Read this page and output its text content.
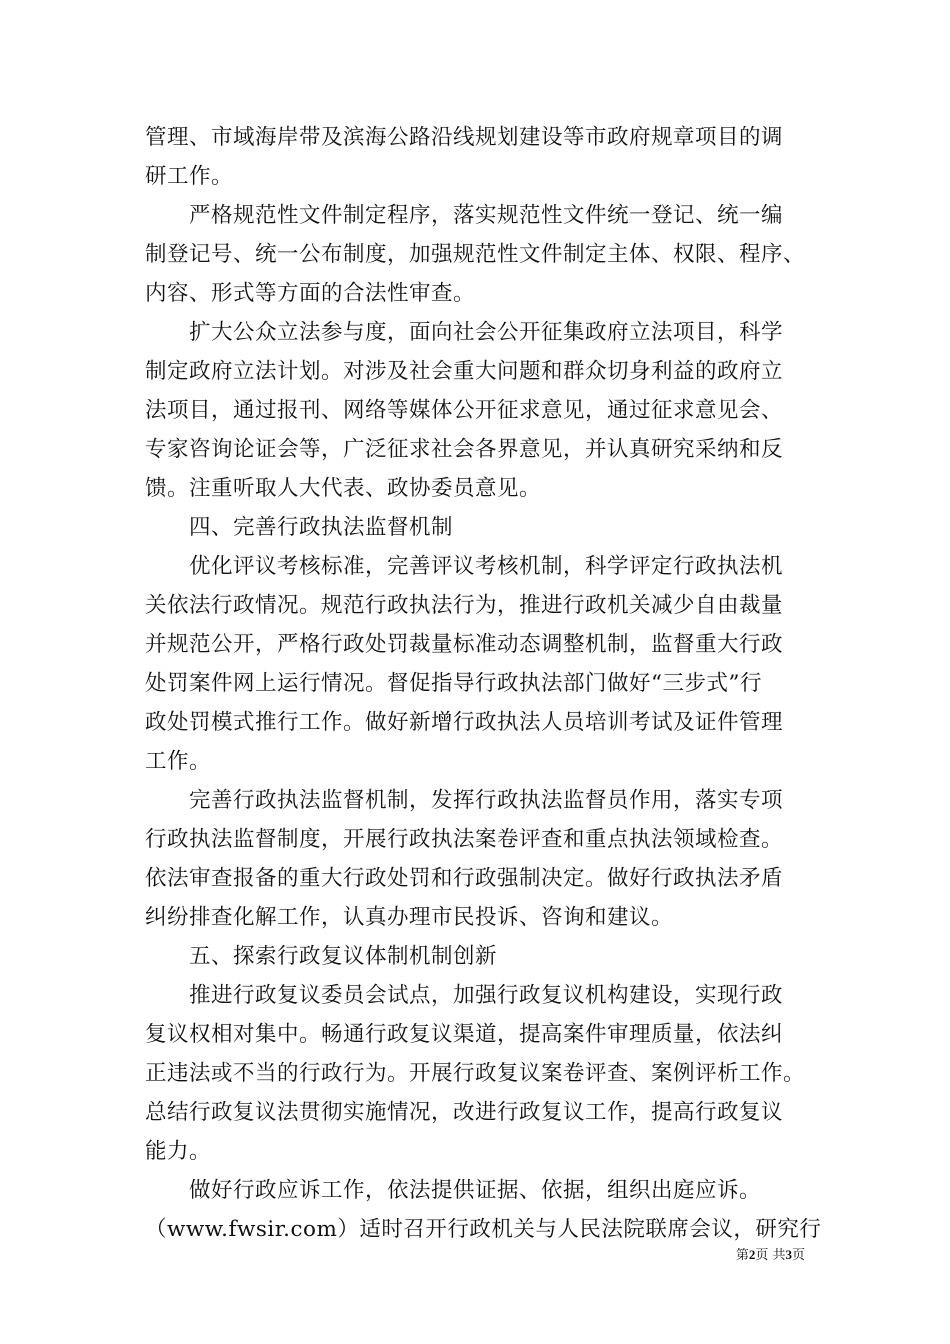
管理、市域海岸带及滨海公路沿线规划建设等市政府规章项目的调
研工作。
严格规范性文件制定程序，落实规范性文件统一登记、统一编
制登记号、统一公布制度，加强规范性文件制定主体、权限、程序、
内容、形式等方面的合法性审查。
扩大公众立法参与度，面向社会公开征集政府立法项目，科学
制定政府立法计划。对涉及社会重大问题和群众切身利益的政府立
法项目，通过报刊、网络等媒体公开征求意见，通过征求意见会、
专家咨询论证会等，广泛征求社会各界意见，并认真研究采纳和反
馈。注重听取人大代表、政协委员意见。
四、完善行政执法监督机制
优化评议考核标准，完善评议考核机制，科学评定行政执法机
关依法行政情况。规范行政执法行为，推进行政机关减少自由裁量
并规范公开，严格行政处罚裁量标准动态调整机制，监督重大行政
处罚案件网上运行情况。督促指导行政执法部门做好“三步式”行
政处罚模式推行工作。做好新增行政执法人员培训考试及证件管理
工作。
完善行政执法监督机制，发挥行政执法监督员作用，落实专项
行政执法监督制度，开展行政执法案卷评查和重点执法领域检查。
依法审查报备的重大行政处罚和行政强制决定。做好行政执法矛盾
纠纷排查化解工作，认真办理市民投诉、咨询和建议。
五、探索行政复议体制机制创新
推进行政复议委员会试点，加强行政复议机构建设，实现行政
复议权相对集中。畅通行政复议渠道，提高案件审理质量，依法纠
正违法或不当的行政行为。开展行政复议案卷评查、案例评析工作。
总结行政复议法贯彻实施情况，改进行政复议工作，提高行政复议
能力。
做好行政应诉工作，依法提供证据、依据，组织出庭应诉。
（www.fwsir.com）适时召开行政机关与人民法院联席会议，研究行
第2页 共3页
